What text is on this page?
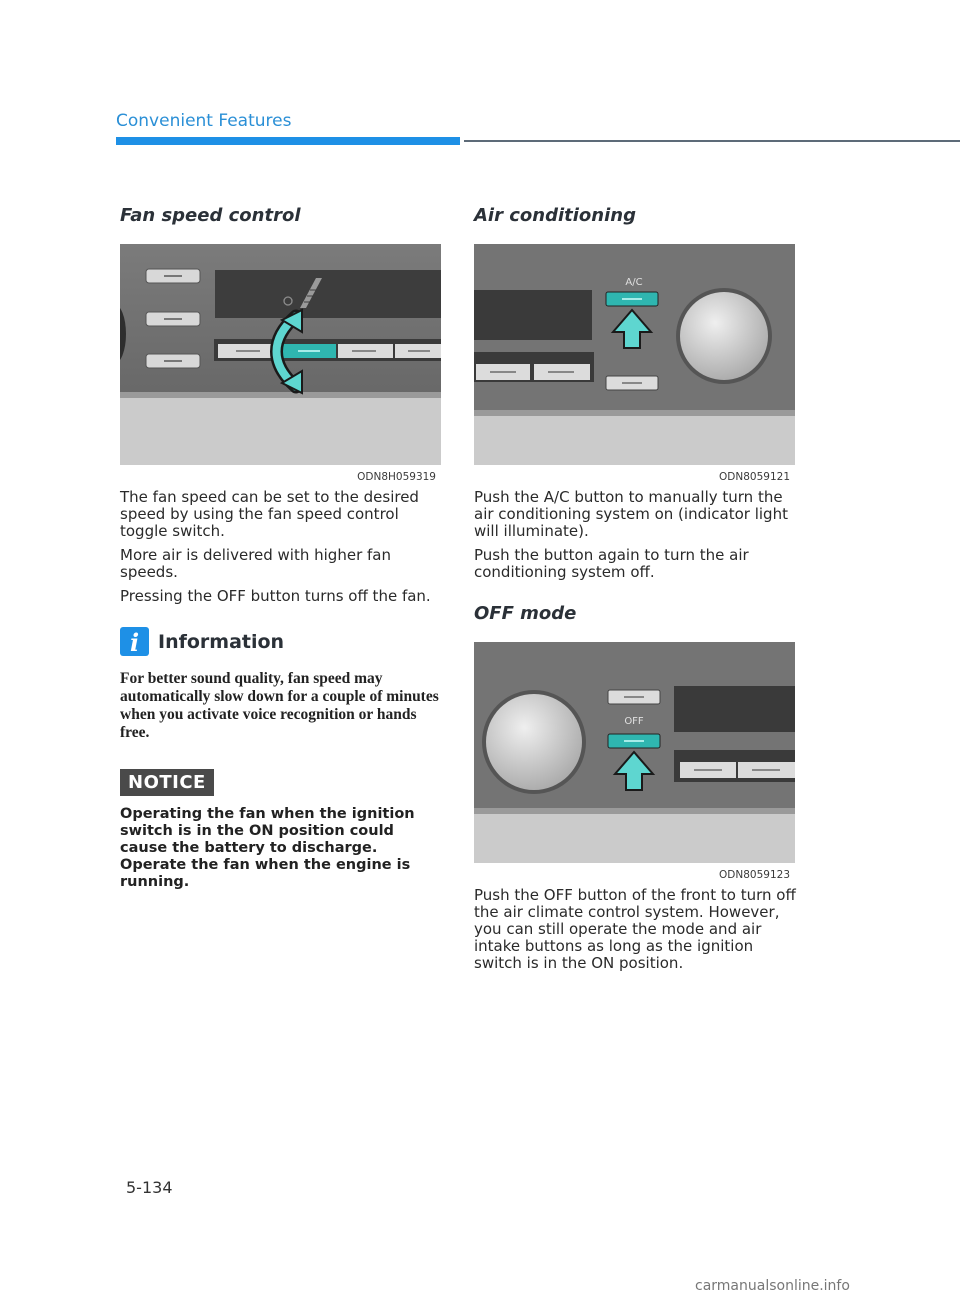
Convenient Features
Fan speed control
ODN8H059319

The fan speed can be set to the desired speed by using the fan speed control toggle switch.

More air is delivered with higher fan speeds.

Pressing the OFF button turns off the fan.

i Information
For better sound quality, fan speed may automatically slow down for a couple of minutes when you activate voice recognition or hands free.
NOTICE
Operating the fan when the ignition switch is in the ON position could cause the battery to discharge. Operate the fan when the engine is running.
Air conditioning
A/C
ODN8059121

Push the A/C button to manually turn the air conditioning system on (indicator light will illuminate).

Push the button again to turn the air conditioning system off.

OFF mode
OFF
ODN8059123

Push the OFF button of the front to turn off the air climate control system. However, you can still operate the mode and air intake buttons as long as the ignition switch is in the ON position.

5-134
carmanualsonline.info
